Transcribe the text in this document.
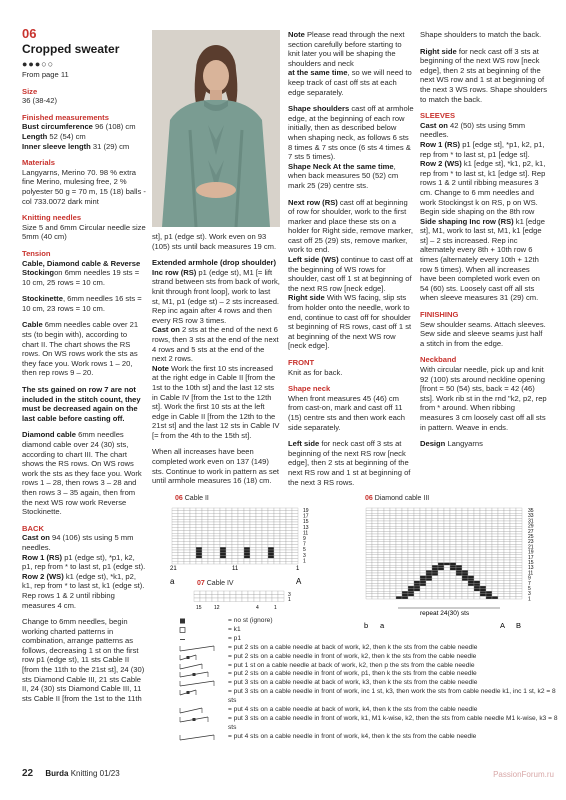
06
Cropped sweater
●●●○○

From page 11

Size
36 (38-42)

Finished measurements
Bust circumference 96 (108) cm
Length 52 (54) cm
Inner sleeve length 31 (29) cm

Materials
Langyarns, Merino 70. 98 % extra fine Merino, mulesing free, 2 % polyester 50 g = 70 m, 15 (18) balls - col 733.0072 dark mint

Knitting needles
Size 5 and 6mm Circular needle size 5mm (40 cm)

Tension
Cable, Diamond cable & Reverse Stockingon 6mm needles 19 sts = 10 cm, 25 rows = 10 cm.

Stockinette, 6mm needles 16 sts = 10 cm, 23 rows = 10 cm.

Cable 6mm needles cable over 21 sts (to begin with), according to chart II. The chart shows the RS rows. On WS rows work the sts as they face you. Work rows 1 – 20, then rep rows 9 – 20.

The sts gained on row 7 are not included in the stitch count, they must be decreased again on the last cable before casting off.

Diamond cable 6mm needles diamond cable over 24 (30) sts, according to chart III. The chart shows the RS rows. On WS rows work the sts as they face you. Work rows 1 – 28, then rows 3 – 28 and then rows 3 – 35 again, then from the next WS row work Reverse Stockinette.

BACK
Cast on 94 (106) sts using 5 mm needles.
Row 1 (RS) p1 (edge st), *p1, k2, p1, rep from * to last st, p1 (edge st).
Row 2 (WS) k1 (edge st), *k1, p2, k1, rep from * to last st, k1 (edge st). Rep rows 1 & 2 until ribbing measures 4 cm.

Change to 6mm needles, begin working charted patterns in combination, arrange patterns as follows, decreasing 1 st on the first row p1 (edge st), 11 sts Cable II [from the 11th to the 21st st], 24 (30) sts Diamond Cable III, 21 sts Cable II, 24 (30) sts Diamond Cable III, 11 sts Cable II [from the 1st to the 11th

st], p1 (edge st). Work even on 93 (105) sts until back measures 19 cm.

Extended armhole (drop shoulder) Inc row (RS) p1 (edge st), M1 [= lift strand between sts from back of work, knit through front loop], work to last st, M1, p1 (edge st) – 2 sts increased. Rep inc again after 4 rows and then every RS row 3 times.
Cast on 2 sts at the end of the next 6 rows, then 3 sts at the end of the next 4 rows and 5 sts at the end of the next 2 rows.
Note Work the first 10 sts increased at the right edge in Cable II [from the 1st to the 10th st] and the last 12 sts in Cable IV [from the 1st to the 12th st]. Work the first 10 sts at the left edge in Cable II [from the 12th to the 21st st] and the last 12 sts in Cable IV [= from the 4th to the 15th st].

When all increases have been completed work even on 137 (149) sts. Continue to work in pattern as set until armhole measures 16 (18) cm.

Note Please read through the next section carefully before starting to knit later you will be shaping the shoulders and neck
at the same time, so we will need to keep track of cast off sts at each edge separately.

Shape shoulders cast off at armhole edge, at the beginning of each row initially, then as described below when shaping neck, as follows 6 sts 8 times & 7 sts once (6 sts 4 times & 7 sts 5 times).
Shape Neck At the same time, when back measures 50 (52) cm mark 25 (29) centre sts.

Next row (RS) cast off at beginning of row for shoulder, work to the first marker and place these sts on a holder for Right side, remove marker, cast off 25 (29) sts, remove marker, work to end.
Left side (WS) continue to cast off at the beginning of WS rows for shoulder, cast off 1 st at beginning of the next RS row [neck edge].
Right side With WS facing, slip sts from holder onto the needle, work to end, continue to cast off for shoulder st beginning of RS rows, cast off 1 st at beginning of the next WS row [neck edge].

FRONT
Knit as for back.

Shape neck
When front measures 45 (46) cm from cast-on, mark and cast off 11 (15) centre sts and then work each side separately.

Left side for neck cast off 3 sts at beginning of the next RS row [neck edge], then 2 sts at beginning of the next RS row and 1 st at beginning of the next 3 RS rows.

Shape shoulders to match the back.

Right side for neck cast off 3 sts at beginning of the next WS row [neck edge], then 2 sts at beginning of the next WS row and 1 st at beginning of the next 3 WS rows. Shape shoulders to match the back.

SLEEVES
Cast on 42 (50) sts using 5mm needles.
Row 1 (RS) p1 [edge st], *p1, k2, p1, rep from * to last st, p1 [edge st].
Row 2 (WS) k1 [edge st], *k1, p2, k1, rep from * to last st, k1 [edge st]. Rep rows 1 & 2 until ribbing measures 3 cm. Change to 6 mm needles and work Stockingst k on RS, p on WS. Begin side shaping on the 8th row
Side shaping Inc row (RS) k1 [edge st], M1, work to last st, M1, k1 [edge st] – 2 sts increased. Rep inc alternately every 8th + 10th row 6 times (alternately every 10th + 12th row 5 times). When all increases have been completed work even on 54 (60) sts. Loosely cast off all sts when sleeve measures 31 (29) cm.

FINISHING
Sew shoulder seams. Attach sleeves. Sew side and sleeve seams just half a stitch in from the edge.

Neckband
With circular needle, pick up and knit 92 (100) sts around neckline opening [front = 50 (54) sts, back = 42 (46) sts]. Work rib st in the rnd "k2, p2, rep from * around. When ribbing measures 3 cm loosely cast off all sts in pattern. Weave in ends.

Design Langyarns

06 Cable II
21	11	1
a	A
19
17
15
13
11
9
7
5
3
1
07 Cable IV
15 12	4	1
3
1
06 Diamond cable III
35
33
31
29
27
25
23
21
19
17
15
13
11
9
7
5
3
1
repeat 24(30) sts
b a	A B
= no st (ignore)
= k1
= p1
= put 2 sts on a cable needle at back of work, k2, then k the sts from the cable needle
= put 2 sts on a cable needle in front of work, k2, then k the sts from the cable needle
= put 1 st on a cable needle at back of work, k2, then p the sts from the cable needle
= put 2 sts on a cable needle in front of work, p1, then k the sts from the cable needle
= put 3 sts on a cable needle at back of work, k3, then k the sts from the cable needle
= put 3 sts on a cable needle in front of work, inc 1 st, k3, then work the sts from cable needle k1, inc 1 st, k2 = 8 sts
= put 4 sts on a cable needle at back of work, k4, then k the sts from the cable needle
= put 3 sts on a cable needle in front of work, k1, M1 k-wise, k2, then the sts from cable needle M1 k-wise, k3 = 8 sts
= put 4 sts on a cable needle in front of work, k4, then k the sts from the cable needle
22 Burda Knitting 01/23	PassionForum.ru
